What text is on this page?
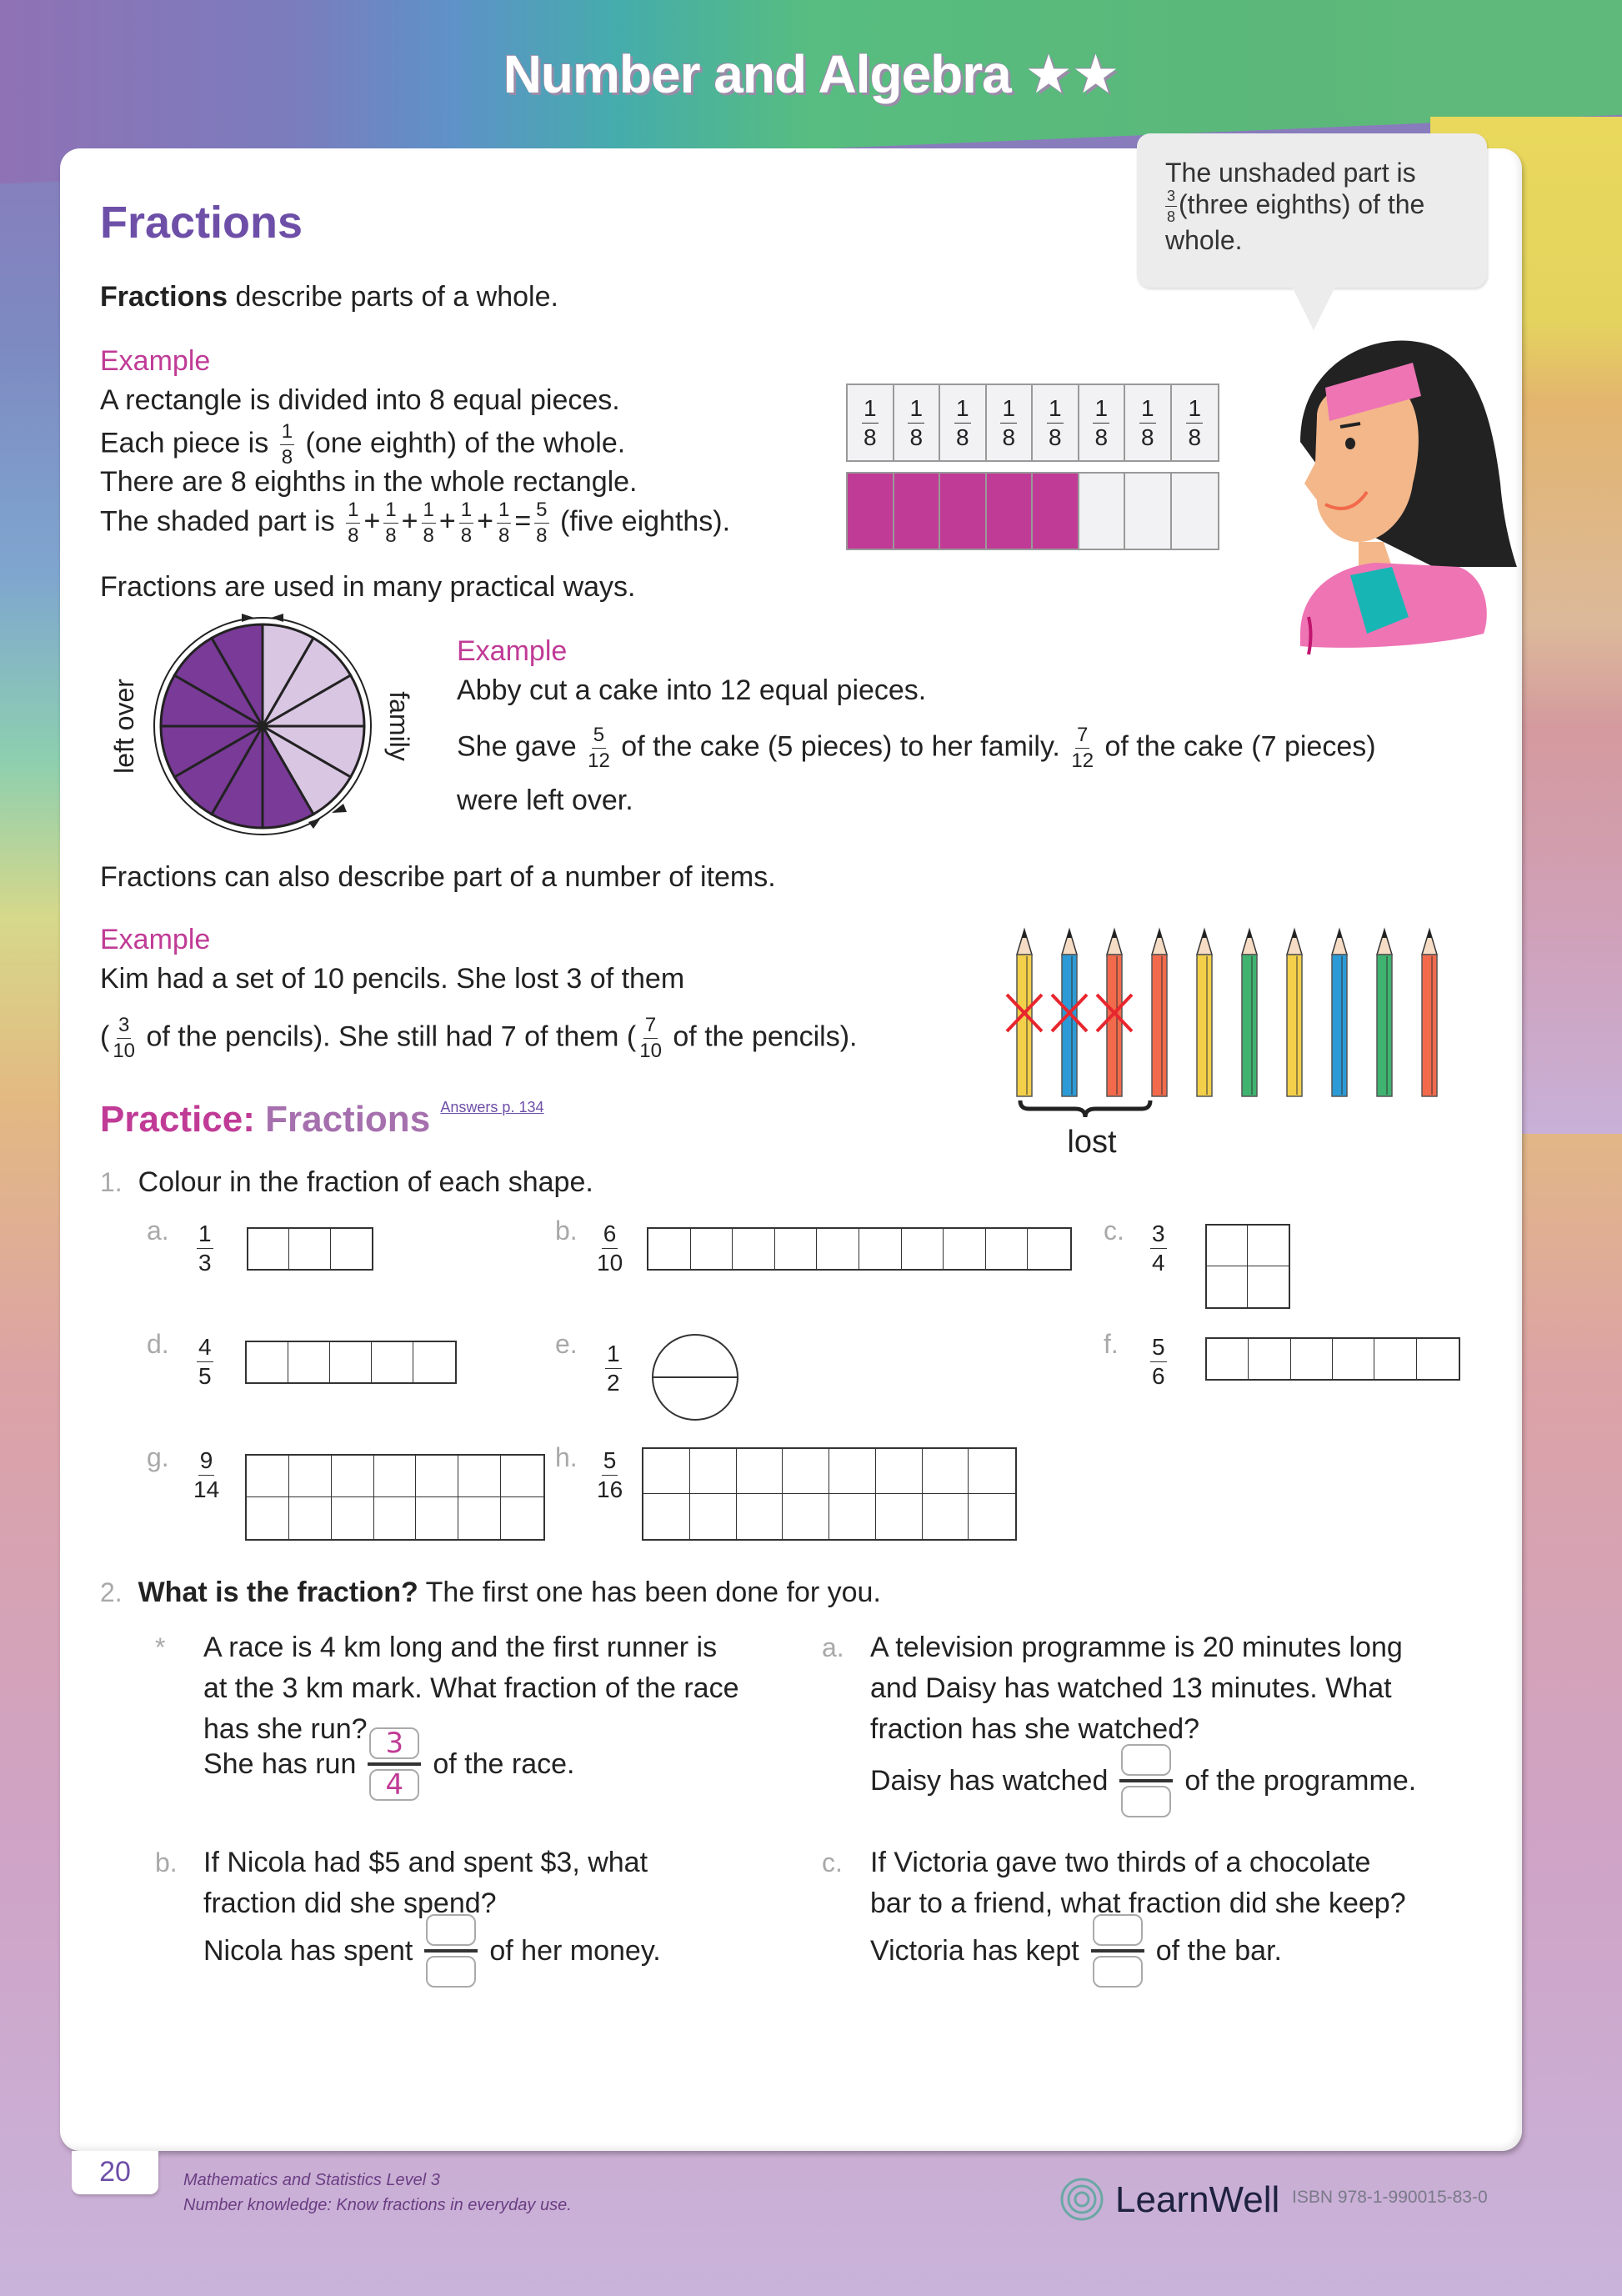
Number and Algebra ★★
Fractions
Fractions describe parts of a whole.
The unshaded part is
$\frac{3}{8}$ (three eighths) of the
whole.
Example
A rectangle is divided into 8 equal pieces.
Each piece is $\frac{1}{8} (one$ eighth) of the whole.
There are 8 eighths in the whole rectangle.
The shaded part is $\frac{1}{8} + \frac{1}{8} + \frac{1}{8} + \frac{1}{8} + \frac{1}{8} = \frac{5}{8}$ (five eighths).
$\frac{1}{8} \frac{1}{8} \frac{1}{8} \frac{1}{8} \frac{1}{8} \frac{1}{8} \frac{1}{8} \frac{1}{8}$
Fractions are used in many practical ways.
left over	family
Example
Abby cut a cake into 12 equal pieces.
She gave $\frac{5}{12}$ of the cake (5 pieces) to her family. $\frac{7}{12}$ of the cake (7 pieces)
were left over.
Fractions can also describe part of a number of items.
Example
Kim had a set of 10 pencils. She lost 3 of them
( $\frac{3}{10}$ of the pencils). She still had 7 of them ( $\frac{7}{10}$ of the pencils).
lost
Practice: Fractions $^{Answers p. 134}$
1. Colour in the fraction of each shape.
a. $\frac{1}{3}$	b. $\frac{6}{10}$	c. $\frac{3}{4}$
d. $\frac{4}{5}$	e. $\frac{1}{2}$	f. $\frac{5}{6}$
g. $\frac{9}{14}$	h. $\frac{5}{16}$
2. What is the fraction? The first one has been done for you.
* A race is 4 km long and the first runner is
at the 3 km mark. What fraction of the race
has she run?
She has run $\frac{3}{4}$ of the race.
a. A television programme is 20 minutes long
and Daisy has watched 13 minutes. What
fraction has she watched?
Daisy has watched	of the programme.
b. If Nicola had $5 and spent $3, what
fraction did she spend?
Nicola has spent	of her money.
c. If Victoria gave two thirds of a chocolate
bar to a friend, what fraction did she keep?
Victoria has kept	of the bar.
20	Mathematics and Statistics Level 3
Number knowledge: Know fractions in everyday use.	LearnWell ISBN 978-1-990015-83-0
